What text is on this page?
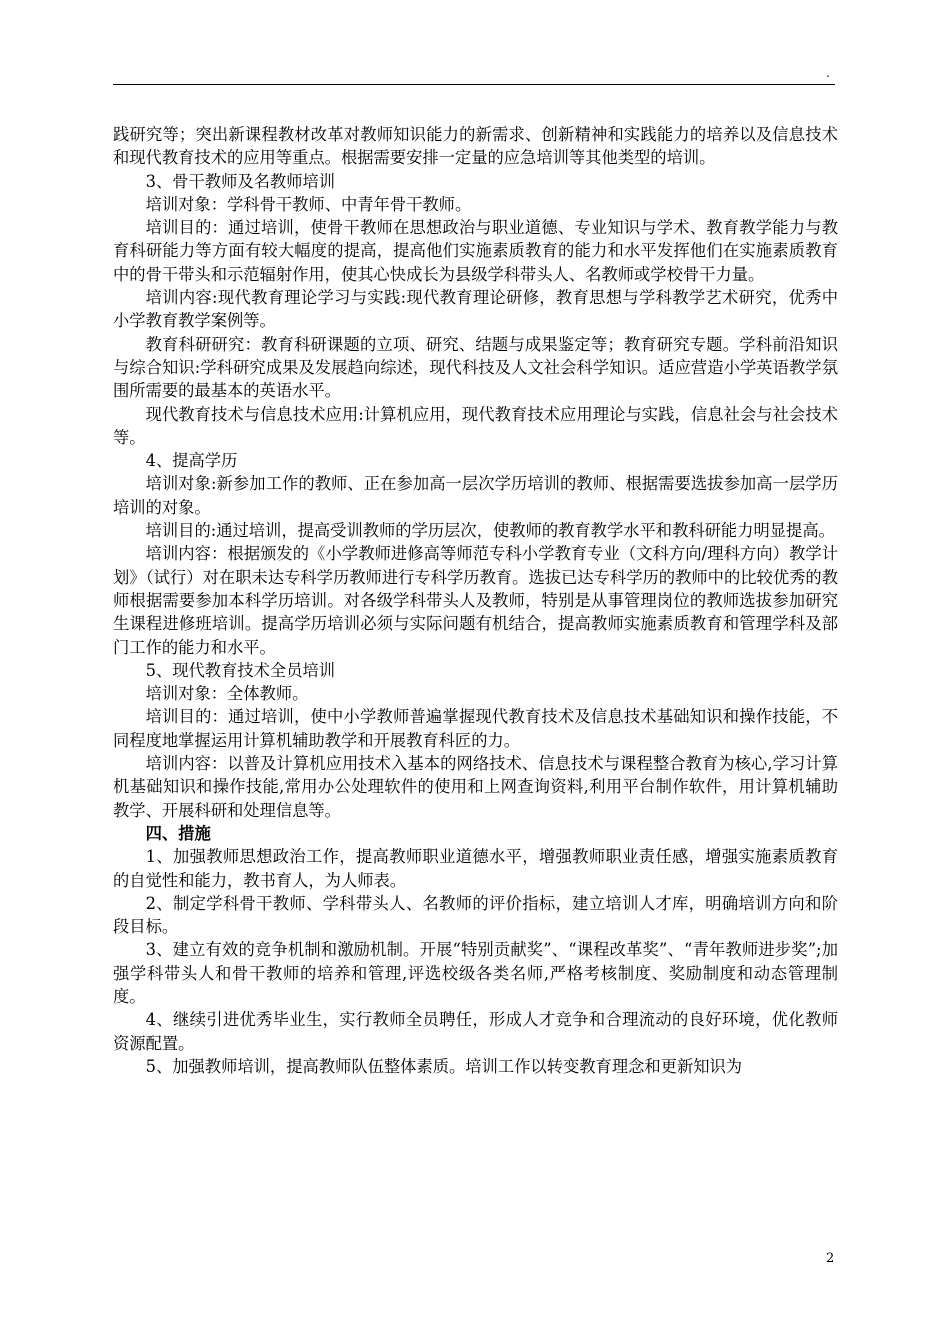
.

践研究等；突出新课程教材改革对教师知识能力的新需求、创新精神和实践能力的培养以及信息技术和现代教育技术的应用等重点。根据需要安排一定量的应急培训等其他类型的培训。

3、骨干教师及名教师培训

培训对象：学科骨干教师、中青年骨干教师。

培训目的：通过培训，使骨干教师在思想政治与职业道德、专业知识与学术、教育教学能力与教育科研能力等方面有较大幅度的提高，提高他们实施素质教育的能力和水平发挥他们在实施素质教育中的骨干带头和示范辐射作用，使其心快成长为县级学科带头人、名教师或学校骨干力量。

培训内容:现代教育理论学习与实践:现代教育理论研修，教育思想与学科教学艺术研究，优秀中小学教育教学案例等。

教育科研研究：教育科研课题的立项、研究、结题与成果鉴定等；教育研究专题。学科前沿知识与综合知识:学科研究成果及发展趋向综述，现代科技及人文社会科学知识。适应营造小学英语教学氛围所需要的最基本的英语水平。

现代教育技术与信息技术应用:计算机应用，现代教育技术应用理论与实践，信息社会与社会技术等。

4、提高学历

培训对象:新参加工作的教师、正在参加高一层次学历培训的教师、根据需要选拔参加高一层学历培训的对象。

培训目的:通过培训，提高受训教师的学历层次，使教师的教育教学水平和教科研能力明显提高。

培训内容：根据颁发的《小学教师进修高等师范专科小学教育专业（文科方向/理科方向）教学计划》（试行）对在职未达专科学历教师进行专科学历教育。选拔已达专科学历的教师中的比较优秀的教师根据需要参加本科学历培训。对各级学科带头人及教师，特别是从事管理岗位的教师选拔参加研究生课程进修班培训。提高学历培训必须与实际问题有机结合，提高教师实施素质教育和管理学科及部门工作的能力和水平。

5、现代教育技术全员培训

培训对象：全体教师。

培训目的：通过培训，使中小学教师普遍掌握现代教育技术及信息技术基础知识和操作技能，不同程度地掌握运用计算机辅助教学和开展教育科匠的力。

培训内容：以普及计算机应用技术入基本的网络技术、信息技术与课程整合教育为核心,学习计算机基础知识和操作技能,常用办公处理软件的使用和上网查询资料,利用平台制作软件，用计算机辅助教学、开展科研和处理信息等。

四、措施

1、加强教师思想政治工作，提高教师职业道德水平，增强教师职业责任感，增强实施素质教育的自觉性和能力，教书育人，为人师表。

2、制定学科骨干教师、学科带头人、名教师的评价指标，建立培训人才库，明确培训方向和阶段目标。

3、建立有效的竞争机制和激励机制。开展“特别贡献奖”、“课程改革奖”、“青年教师进步奖”;加强学科带头人和骨干教师的培养和管理,评选校级各类名师,严格考核制度、奖励制度和动态管理制度。

4、继续引进优秀毕业生，实行教师全员聘任，形成人才竞争和合理流动的良好环境，优化教师资源配置。

5、加强教师培训，提高教师队伍整体素质。培训工作以转变教育理念和更新知识为

2
